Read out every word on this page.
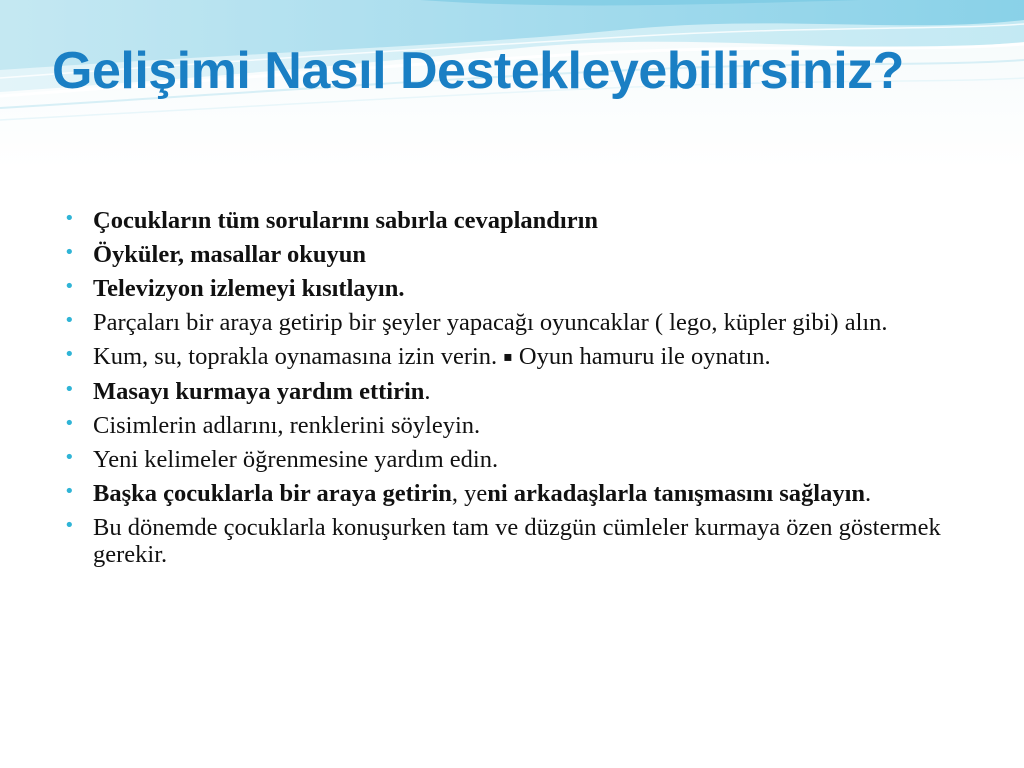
Gelişimi Nasıl Destekleyebilirsiniz?
• Çocukların tüm sorularını sabırla cevaplandırın
• Öyküler, masallar okuyun
• Televizyon izlemeyi kısıtlayın.
• Parçaları bir araya getirip bir şeyler yapacağı oyuncaklar ( lego, küpler gibi) alın.
• Kum, su, toprakla oynamasına izin verin. ▪ Oyun hamuru ile oynatın.
• Masayı kurmaya yardım ettirin.
• Cisimlerin adlarını, renklerini söyleyin.
• Yeni kelimeler öğrenmesine yardım edin.
• Başka çocuklarla bir araya getirin, yeni arkadaşlarla tanışmasını sağlayın.
• Bu dönemde çocuklarla konuşurken tam ve düzgün cümleler kurmaya özen göstermek gerekir.
